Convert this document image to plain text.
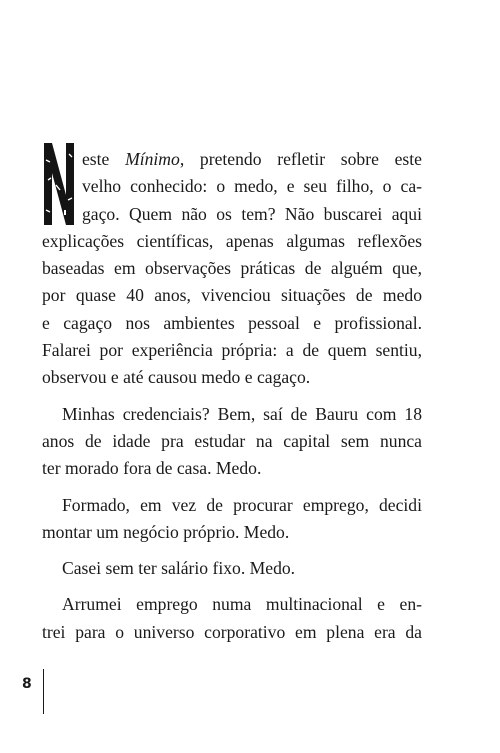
este Mínimo, pretendo refletir sobre este
velho conhecido: o medo, e seu filho, o ca-
gaço. Quem não os tem? Não buscarei aqui
explicações científicas, apenas algumas reflexões
baseadas em observações práticas de alguém que,
por quase 40 anos, vivenciou situações de medo
e cagaço nos ambientes pessoal e profissional.
Falarei por experiência própria: a de quem sentiu,
observou e até causou medo e cagaço.
Minhas credenciais? Bem, saí de Bauru com 18
anos de idade pra estudar na capital sem nunca
ter morado fora de casa. Medo.
Formado, em vez de procurar emprego, decidi
montar um negócio próprio. Medo.
Casei sem ter salário fixo. Medo.
Arrumei emprego numa multinacional e en-
trei para o universo corporativo em plena era da
8
